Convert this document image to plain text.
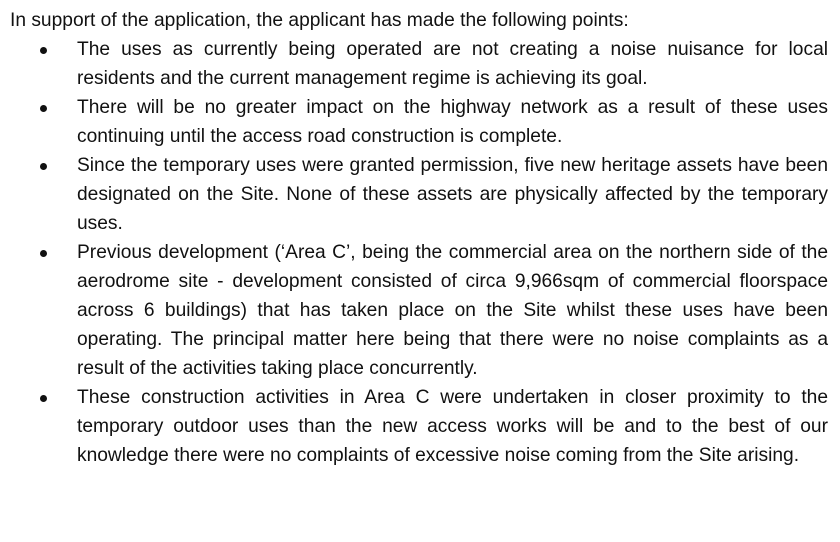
In support of the application, the applicant has made the following points:

The uses as currently being operated are not creating a noise nuisance for local residents and the current management regime is achieving its goal.
There will be no greater impact on the highway network as a result of these uses continuing until the access road construction is complete.
Since the temporary uses were granted permission, five new heritage assets have been designated on the Site. None of these assets are physically affected by the temporary uses.
Previous development (‘Area C’, being the commercial area on the northern side of the aerodrome site - development consisted of circa 9,966sqm of commercial floorspace across 6 buildings) that has taken place on the Site whilst these uses have been operating. The principal matter here being that there were no noise complaints as a result of the activities taking place concurrently.
These construction activities in Area C were undertaken in closer proximity to the temporary outdoor uses than the new access works will be and to the best of our knowledge there were no complaints of excessive noise coming from the Site arising.
